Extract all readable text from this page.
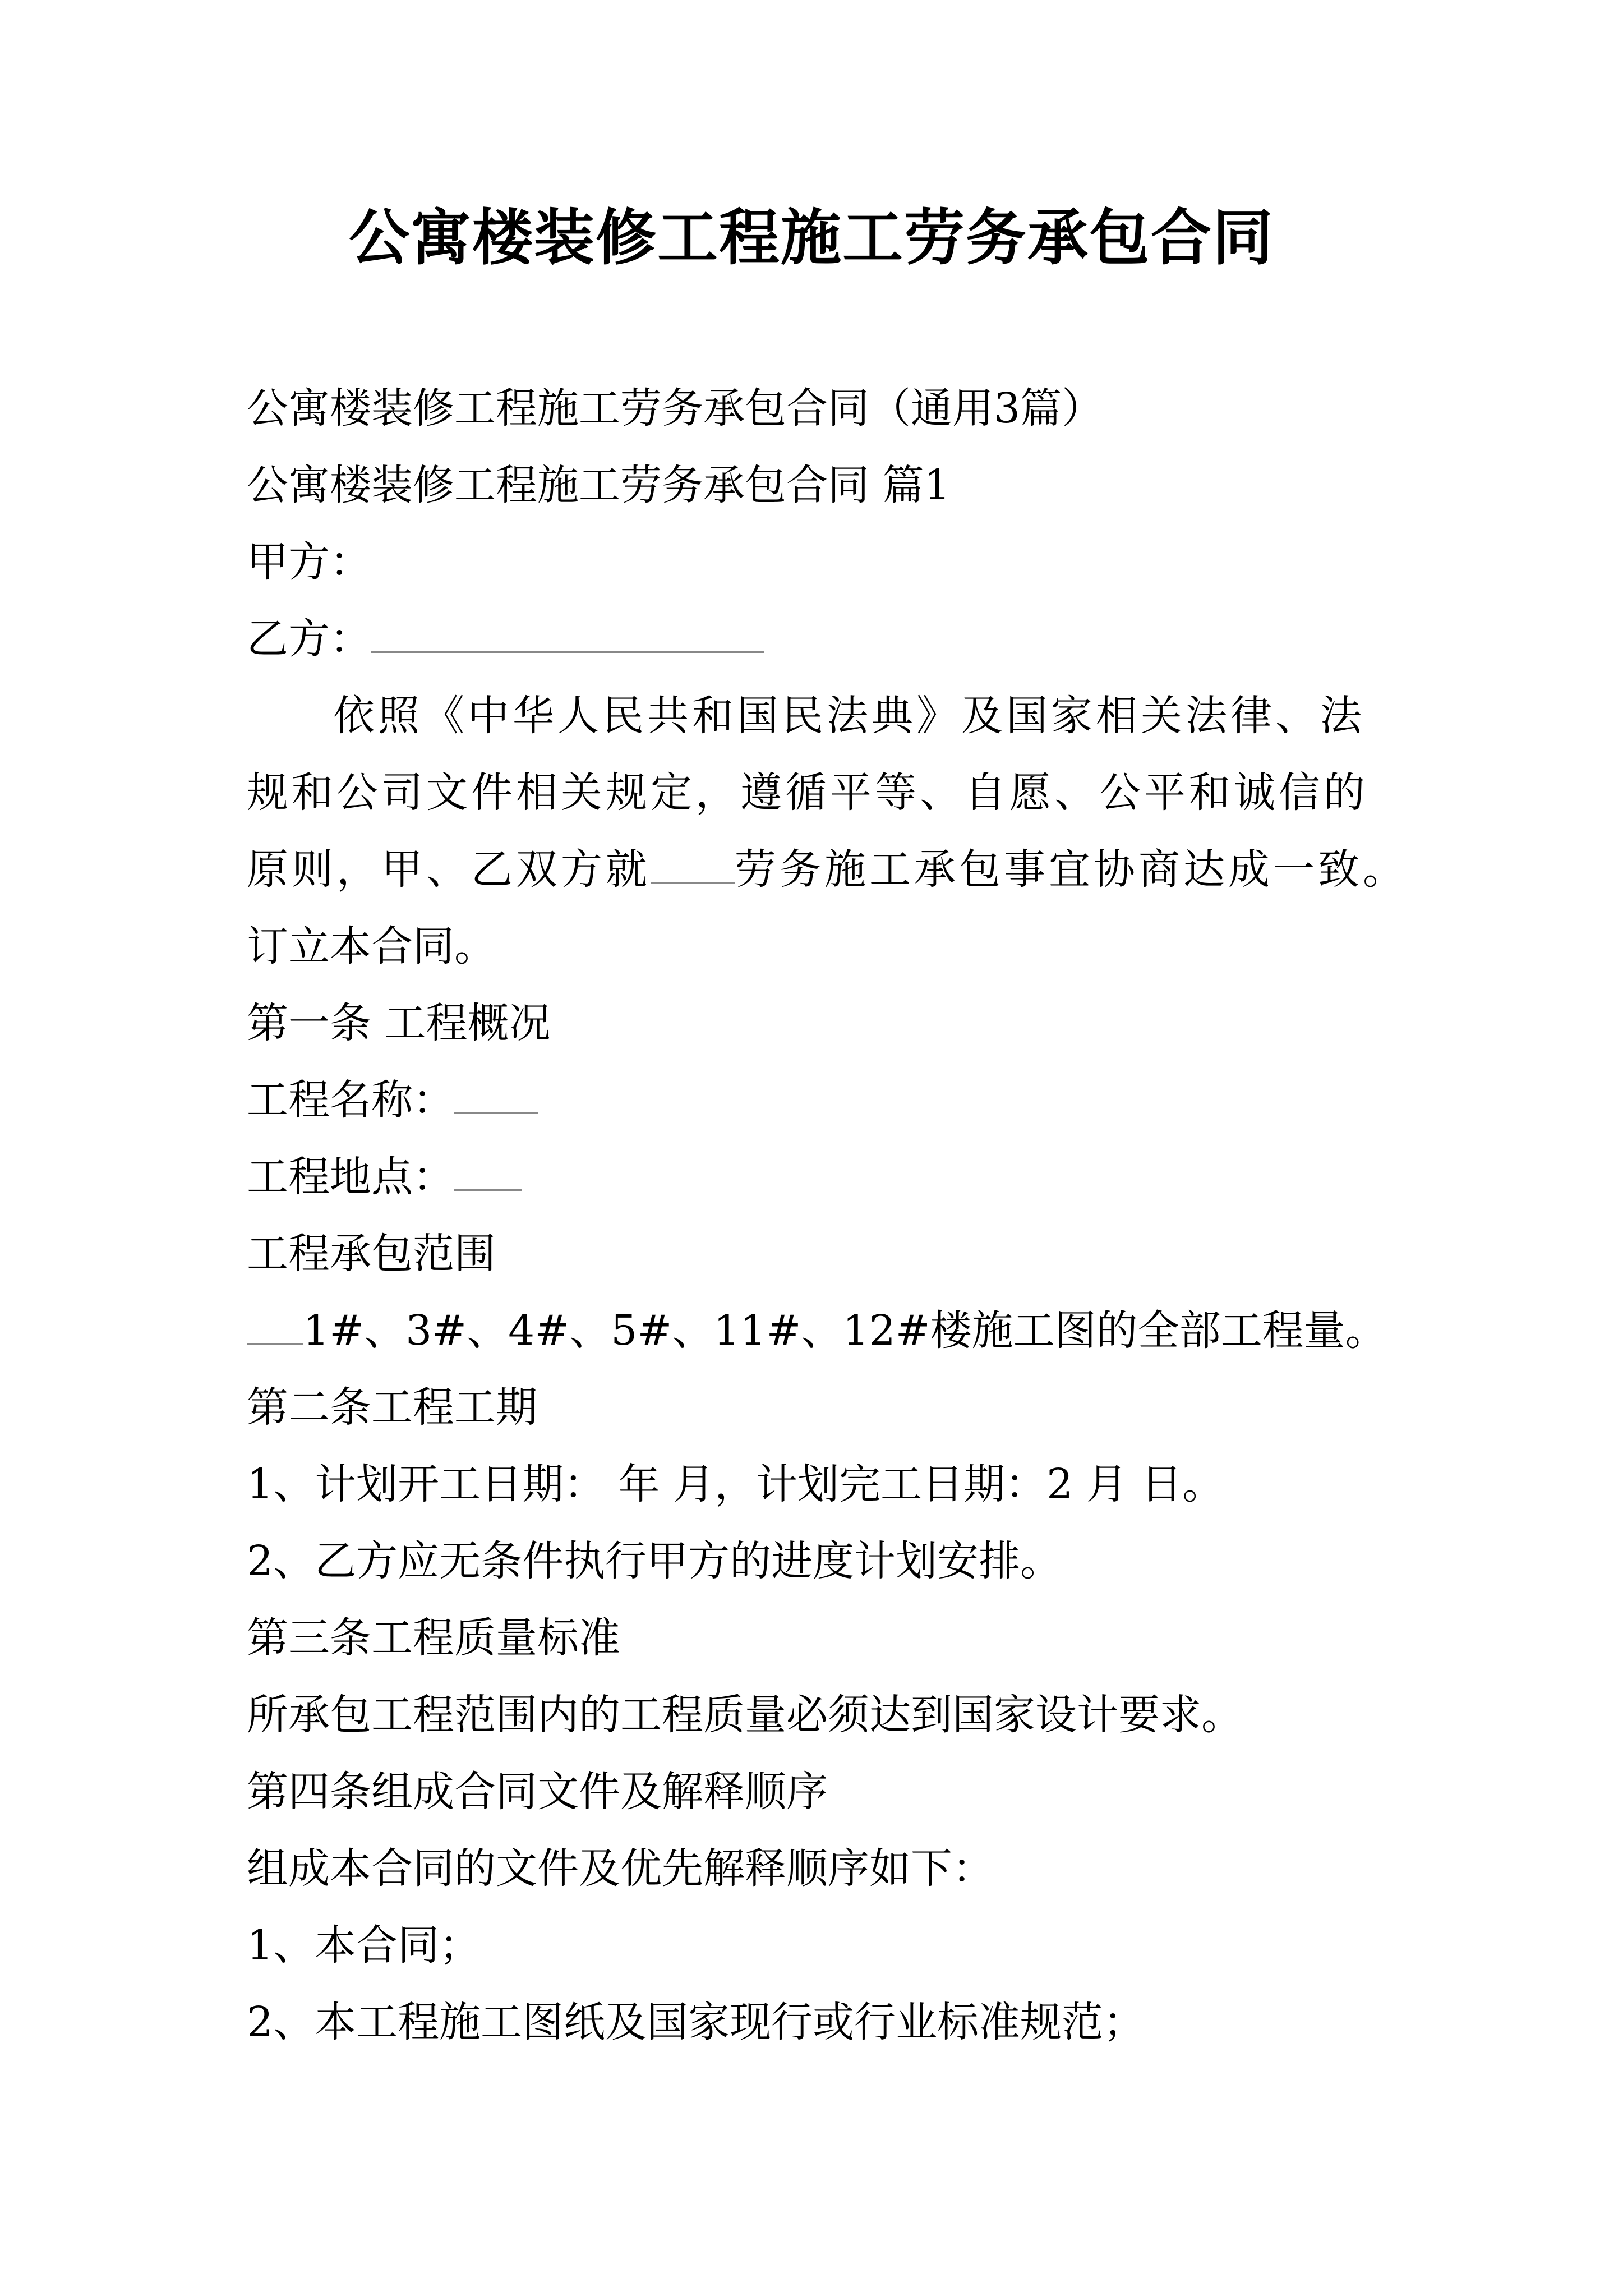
公寓楼装修工程施工劳务承包合同

公寓楼装修工程施工劳务承包合同（通用3篇）

公寓楼装修工程施工劳务承包合同 篇1

甲方：

乙方：

依照《中华人民共和国民法典》及国家相关法律、法规和公司文件相关规定，遵循平等、自愿、公平和诚信的原则，甲、乙双方就 劳务施工承包事宜协商达成一致。

订立本合同。

第一条 工程概况

工程名称：

工程地点：

工程承包范围

1#、3#、4#、5#、11#、12#楼施工图的全部工程量。

第二条工程工期

1、计划开工日期： 年 月，计划完工日期：2 月 日。

2、乙方应无条件执行甲方的进度计划安排。

第三条工程质量标准

所承包工程范围内的工程质量必须达到国家设计要求。

第四条组成合同文件及解释顺序

组成本合同的文件及优先解释顺序如下：

1、本合同；

2、本工程施工图纸及国家现行或行业标准规范；
